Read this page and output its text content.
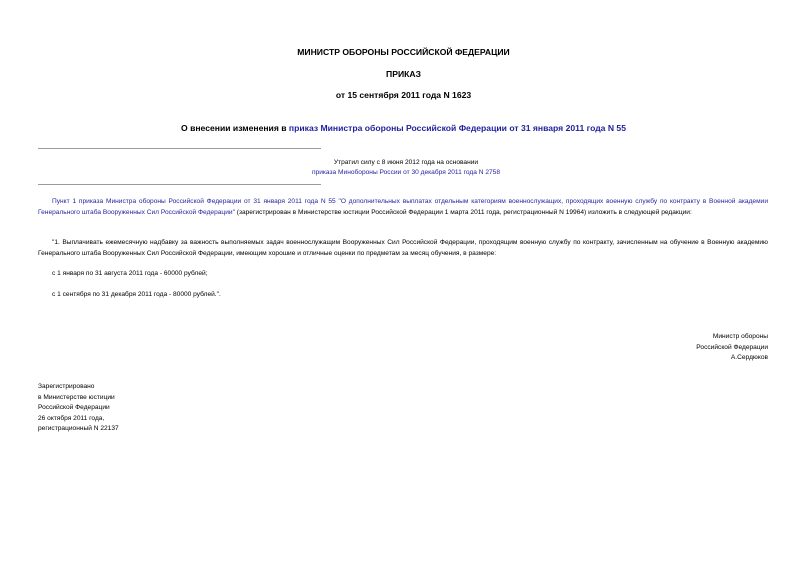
МИНИСТР ОБОРОНЫ РОССИЙСКОЙ ФЕДЕРАЦИИ
ПРИКАЗ
от 15 сентября 2011 года N 1623
О внесении изменения в приказ Министра обороны Российской Федерации от 31 января 2011 года N 55
Утратил силу с 8 июня 2012 года на основании
приказа Минобороны России от 30 декабря 2011 года N 2758
Пункт 1 приказа Министра обороны Российской Федерации от 31 января 2011 года N 55 "О дополнительных выплатах отдельным категориям военнослужащих, проходящих военную службу по контракту в Военной академии Генерального штаба Вооруженных Сил Российской Федерации" (зарегистрирован в Министерстве юстиции Российской Федерации 1 марта 2011 года, регистрационный N 19964) изложить в следующей редакции:
"1. Выплачивать ежемесячную надбавку за важность выполняемых задач военнослужащим Вооруженных Сил Российской Федерации, проходящим военную службу по контракту, зачисленным на обучение в Военную академию Генерального штаба Вооруженных Сил Российской Федерации, имеющим хорошие и отличные оценки по предметам за месяц обучения, в размере:
с 1 января по 31 августа 2011 года - 60000 рублей;
с 1 сентября по 31 декабря 2011 года - 80000 рублей.".
Министр обороны
Российской Федерации
А.Сердюков
Зарегистрировано
в Министерстве юстиции
Российской Федерации
26 октября 2011 года,
регистрационный N 22137
